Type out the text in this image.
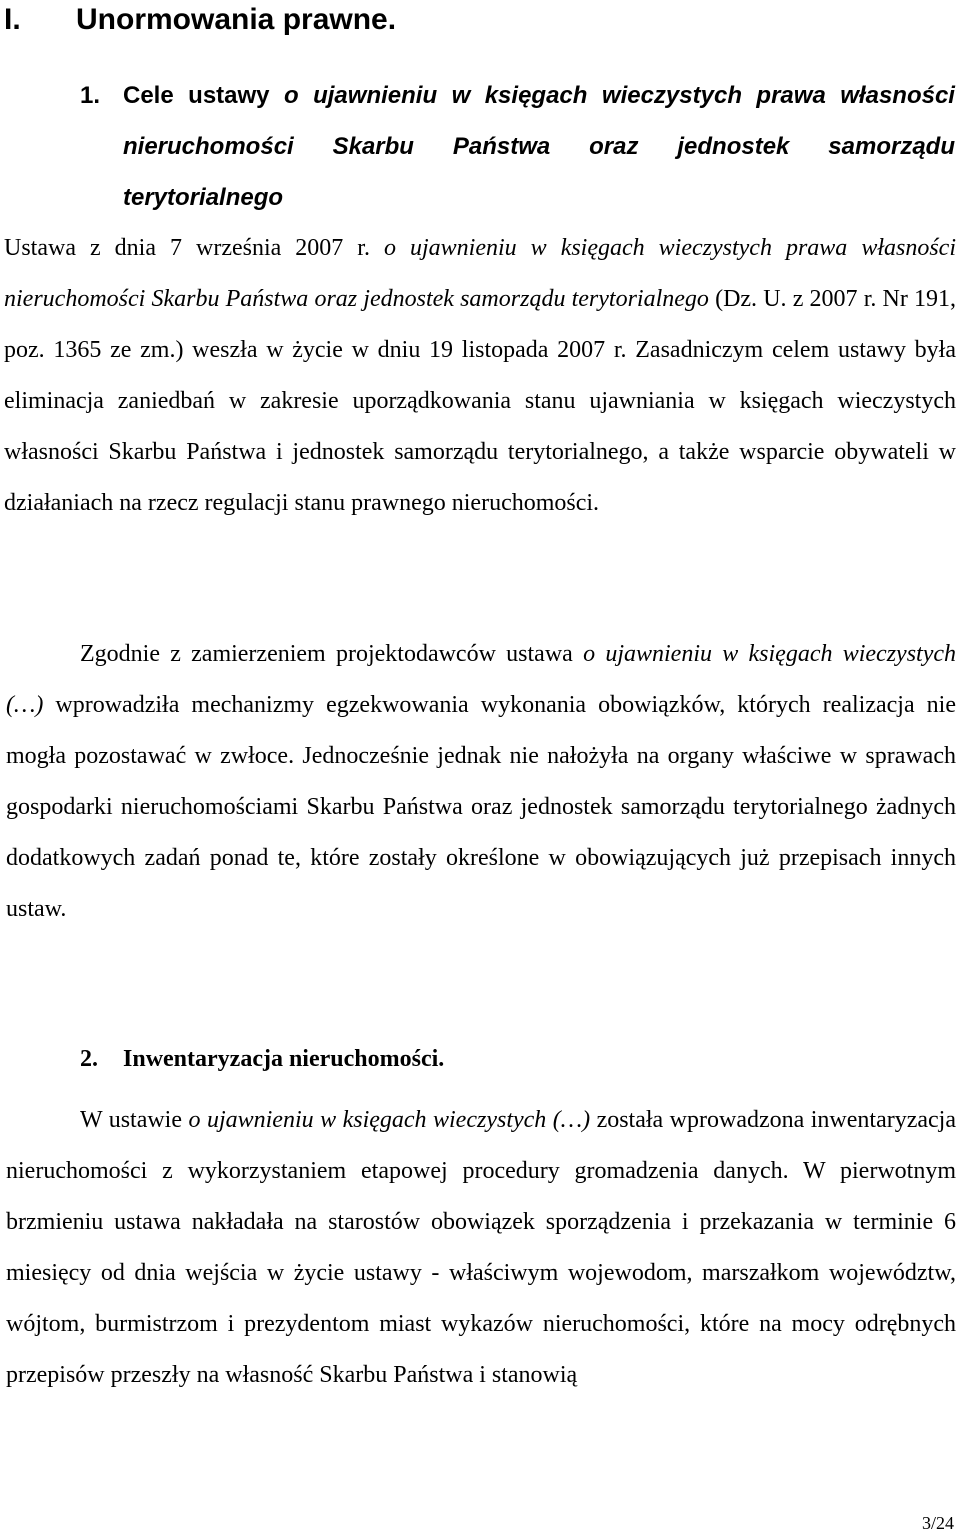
I. Unormowania prawne.
1. Cele ustawy o ujawnieniu w księgach wieczystych prawa własności nieruchomości Skarbu Państwa oraz jednostek samorządu terytorialnego
Ustawa z dnia 7 września 2007 r. o ujawnieniu w księgach wieczystych prawa własności nieruchomości Skarbu Państwa oraz jednostek samorządu terytorialnego (Dz. U. z 2007 r. Nr 191, poz. 1365 ze zm.) weszła w życie w dniu 19 listopada 2007 r. Zasadniczym celem ustawy była eliminacja zaniedbań w zakresie uporządkowania stanu ujawniania w księgach wieczystych własności Skarbu Państwa i jednostek samorządu terytorialnego, a także wsparcie obywateli w działaniach na rzecz regulacji stanu prawnego nieruchomości.
Zgodnie z zamierzeniem projektodawców ustawa o ujawnieniu w księgach wieczystych (…) wprowadziła mechanizmy egzekwowania wykonania obowiązków, których realizacja nie mogła pozostawać w zwłoce. Jednocześnie jednak nie nałożyła na organy właściwe w sprawach gospodarki nieruchomościami Skarbu Państwa oraz jednostek samorządu terytorialnego żadnych dodatkowych zadań ponad te, które zostały określone w obowiązujących już przepisach innych ustaw.
2. Inwentaryzacja nieruchomości.
W ustawie o ujawnieniu w księgach wieczystych (…) została wprowadzona inwentaryzacja nieruchomości z wykorzystaniem etapowej procedury gromadzenia danych. W pierwotnym brzmieniu ustawa nakładała na starostów obowiązek sporządzenia i przekazania w terminie 6 miesięcy od dnia wejścia w życie ustawy - właściwym wojewodom, marszałkom województw, wójtom, burmistrzom i prezydentom miast wykazów nieruchomości, które na mocy odrębnych przepisów przeszły na własność Skarbu Państwa i stanowią
3/24
